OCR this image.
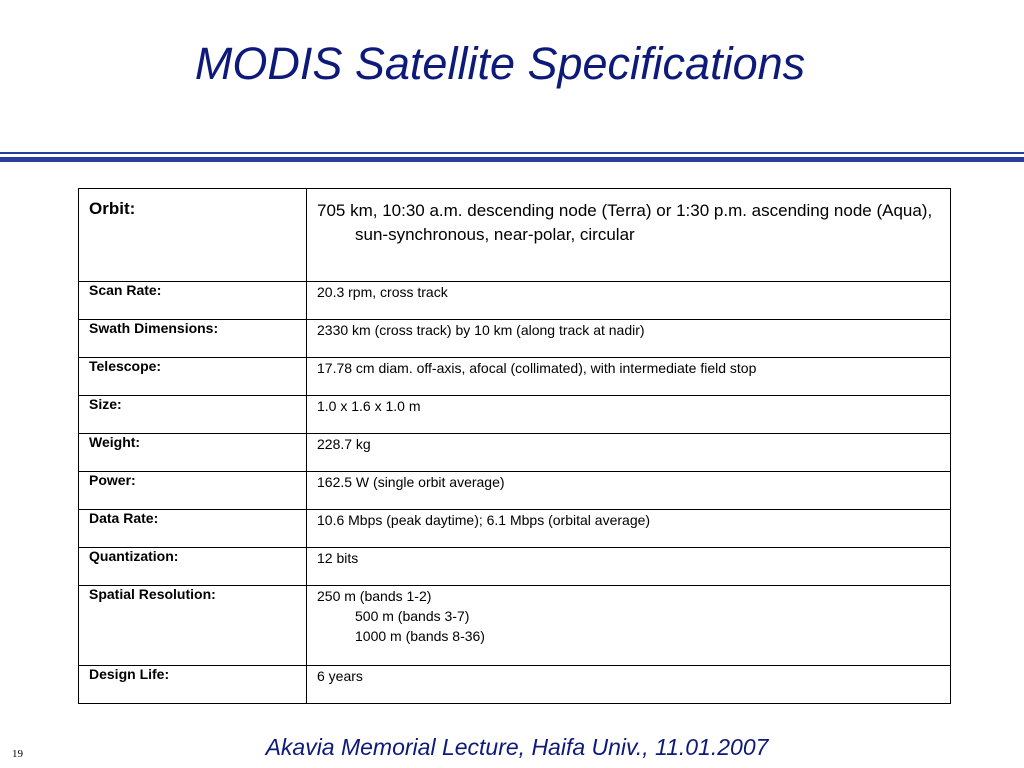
MODIS Satellite Specifications
Orbit:	705 km, 10:30 a.m. descending node (Terra) or 1:30 p.m. ascending node (Aqua), sun-synchronous, near-polar, circular

Scan Rate:	20.3 rpm, cross track
Swath Dimensions:	2330 km (cross track) by 10 km (along track at nadir)
Telescope:	17.78 cm diam. off-axis, afocal (collimated), with intermediate field stop
Size:	1.0 x 1.6 x 1.0 m
Weight:	228.7 kg
Power:	162.5 W (single orbit average)
Data Rate:	10.6 Mbps (peak daytime); 6.1 Mbps (orbital average)
Quantization:	12 bits
Spatial Resolution:	250 m (bands 1-2)
500 m (bands 3-7)
1000 m (bands 8-36)

Design Life:	6 years
Akavia Memorial Lecture, Haifa Univ., 11.01.2007
19
